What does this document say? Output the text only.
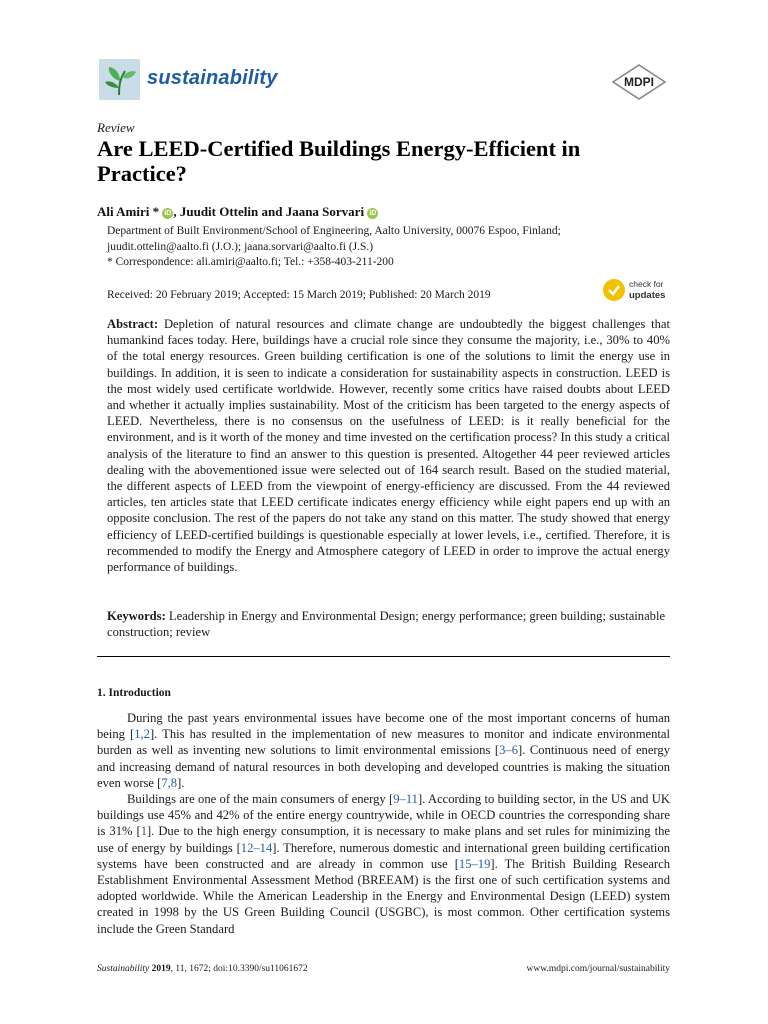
sustainability	MDPI
Review
Are LEED-Certified Buildings Energy-Efficient in Practice?
Ali Amiri * iD , Juudit Ottelin and Jaana Sorvari iD
Department of Built Environment/School of Engineering, Aalto University, 00076 Espoo, Finland;
juudit.ottelin@aalto.fi (J.O.); jaana.sorvari@aalto.fi (J.S.)
* Correspondence: ali.amiri@aalto.fi; Tel.: +358-403-211-200
Received: 20 February 2019; Accepted: 15 March 2019; Published: 20 March 2019
check for
updates
Abstract: Depletion of natural resources and climate change are undoubtedly the biggest challenges that humankind faces today. Here, buildings have a crucial role since they consume the majority, i.e., 30% to 40% of the total energy resources. Green building certification is one of the solutions to limit the energy use in buildings. In addition, it is seen to indicate a consideration for sustainability aspects in construction. LEED is the most widely used certificate worldwide. However, recently some critics have raised doubts about LEED and whether it actually implies sustainability. Most of the criticism has been targeted to the energy aspects of LEED. Nevertheless, there is no consensus on the usefulness of LEED: is it really beneficial for the environment, and is it worth of the money and time invested on the certification process? In this study a critical analysis of the literature to find an answer to this question is presented. Altogether 44 peer reviewed articles dealing with the abovementioned issue were selected out of 164 search result. Based on the studied material, the different aspects of LEED from the viewpoint of energy-efficiency are discussed. From the 44 reviewed articles, ten articles state that LEED certificate indicates energy efficiency while eight papers end up with an opposite conclusion. The rest of the papers do not take any stand on this matter. The study showed that energy efficiency of LEED-certified buildings is questionable especially at lower levels, i.e., certified. Therefore, it is recommended to modify the Energy and Atmosphere category of LEED in order to improve the actual energy performance of buildings.
Keywords: Leadership in Energy and Environmental Design; energy performance; green building; sustainable construction; review
1. Introduction

During the past years environmental issues have become one of the most important concerns of human being [1,2]. This has resulted in the implementation of new measures to monitor and indicate environmental burden as well as inventing new solutions to limit environmental emissions [3–6]. Continuous need of energy and increasing demand of natural resources in both developing and developed countries is making the situation even worse [7,8].

Buildings are one of the main consumers of energy [9–11]. According to building sector, in the US and UK buildings use 45% and 42% of the entire energy countrywide, while in OECD countries the corresponding share is 31% [1]. Due to the high energy consumption, it is necessary to make plans and set rules for minimizing the use of energy by buildings [12–14]. Therefore, numerous domestic and international green building certification systems have been constructed and are already in common use [15–19]. The British Building Research Establishment Environmental Assessment Method (BREEAM) is the first one of such certification systems and adopted worldwide. While the American Leadership in the Energy and Environmental Design (LEED) system created in 1998 by the US Green Building Council (USGBC), is most common. Other certification systems include the Green Standard

Sustainability 2019, 11, 1672; doi:10.3390/su11061672	www.mdpi.com/journal/sustainability
